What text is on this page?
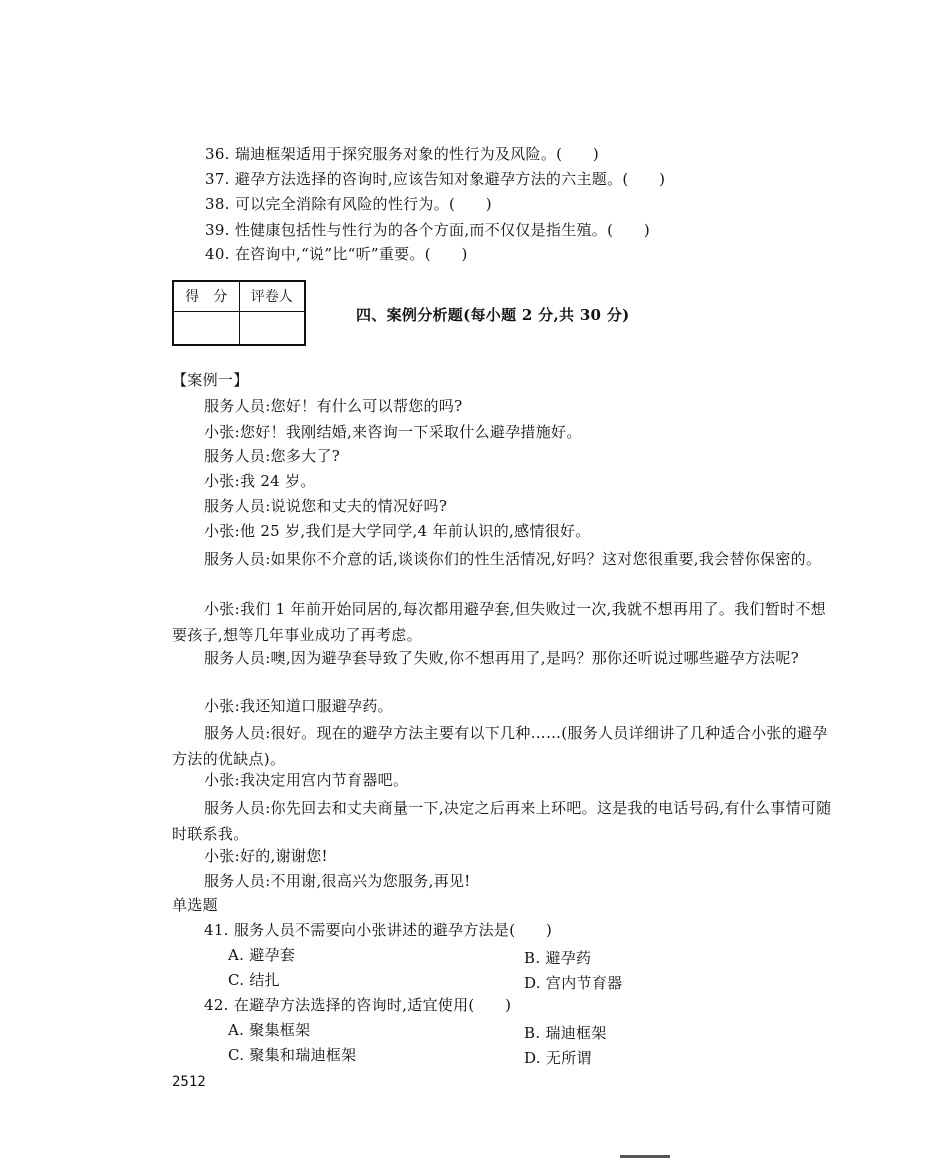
36. 瑞迪框架适用于探究服务对象的性行为及风险。(　　)
37. 避孕方法选择的咨询时,应该告知对象避孕方法的六主题。(　　)
38. 可以完全消除有风险的性行为。(　　)
39. 性健康包括性与性行为的各个方面,而不仅仅是指生殖。(　　)
40. 在咨询中,“说”比“听”重要。(　　)
得　分	评卷人

四、案例分析题(每小题 2 分,共 30 分)
【案例一】
服务人员:您好！有什么可以帮您的吗?
小张:您好！我刚结婚,来咨询一下采取什么避孕措施好。
服务人员:您多大了?
小张:我 24 岁。
服务人员:说说您和丈夫的情况好吗?
小张:他 25 岁,我们是大学同学,4 年前认识的,感情很好。
服务人员:如果你不介意的话,谈谈你们的性生活情况,好吗？这对您很重要,我会替你保密的。
小张:我们 1 年前开始同居的,每次都用避孕套,但失败过一次,我就不想再用了。我们暂时不想要孩子,想等几年事业成功了再考虑。
服务人员:噢,因为避孕套导致了失败,你不想再用了,是吗？那你还听说过哪些避孕方法呢?
小张:我还知道口服避孕药。
服务人员:很好。现在的避孕方法主要有以下几种……(服务人员详细讲了几种适合小张的避孕方法的优缺点)。
小张:我决定用宫内节育器吧。
服务人员:你先回去和丈夫商量一下,决定之后再来上环吧。这是我的电话号码,有什么事情可随时联系我。
小张:好的,谢谢您!
服务人员:不用谢,很高兴为您服务,再见!
单选题
41. 服务人员不需要向小张讲述的避孕方法是(　　)
A. 避孕套	B. 避孕药
C. 结扎	D. 宫内节育器
42. 在避孕方法选择的咨询时,适宜使用(　　)
A. 聚集框架	B. 瑞迪框架
C. 聚集和瑞迪框架	D. 无所谓
2512
